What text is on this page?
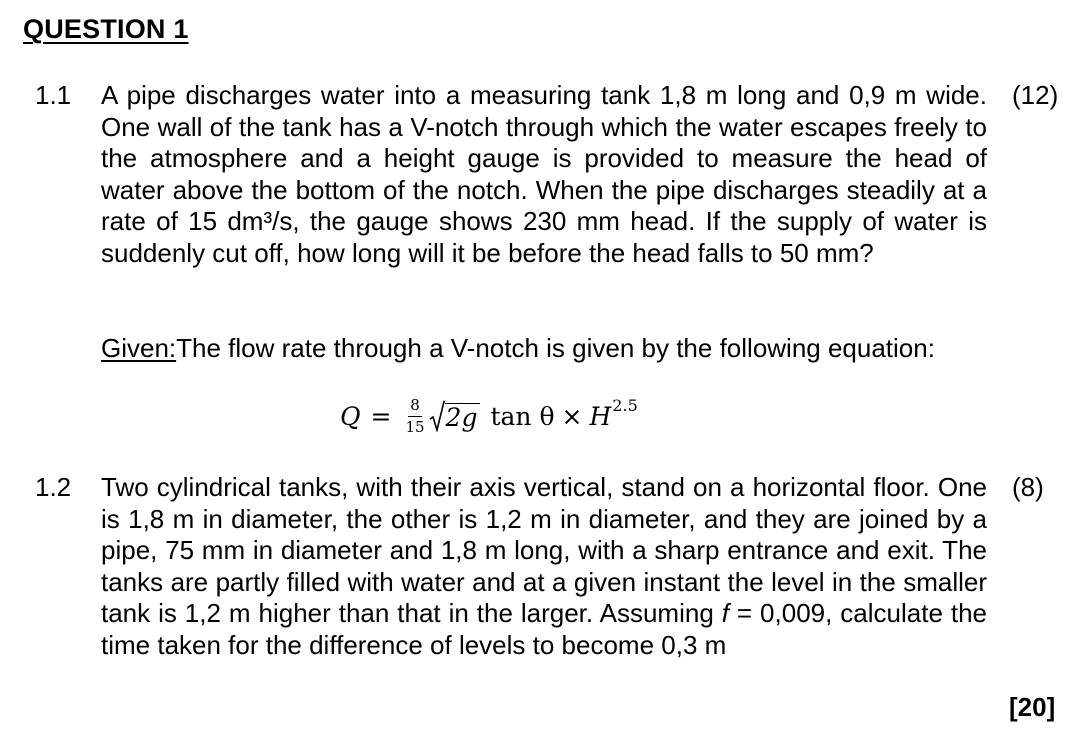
QUESTION 1
1.1 A pipe discharges water into a measuring tank 1,8 m long and 0,9 m wide. One wall of the tank has a V-notch through which the water escapes freely to the atmosphere and a height gauge is provided to measure the head of water above the bottom of the notch. When the pipe discharges steadily at a rate of 15 dm³/s, the gauge shows 230 mm head. If the supply of water is suddenly cut off, how long will it be before the head falls to 50 mm?
(12)
Given:The flow rate through a V-notch is given by the following equation:
$Q = \frac{8}{15} 2g$ tan θ × H 2.5
1.2 Two cylindrical tanks, with their axis vertical, stand on a horizontal floor. One is 1,8 m in diameter, the other is 1,2 m in diameter, and they are joined by a pipe, 75 mm in diameter and 1,8 m long, with a sharp entrance and exit. The tanks are partly filled with water and at a given instant the level in the smaller tank is 1,2 m higher than that in the larger. Assuming f = 0,009, calculate the time taken for the difference of levels to become 0,3 m
(8)
[20]
